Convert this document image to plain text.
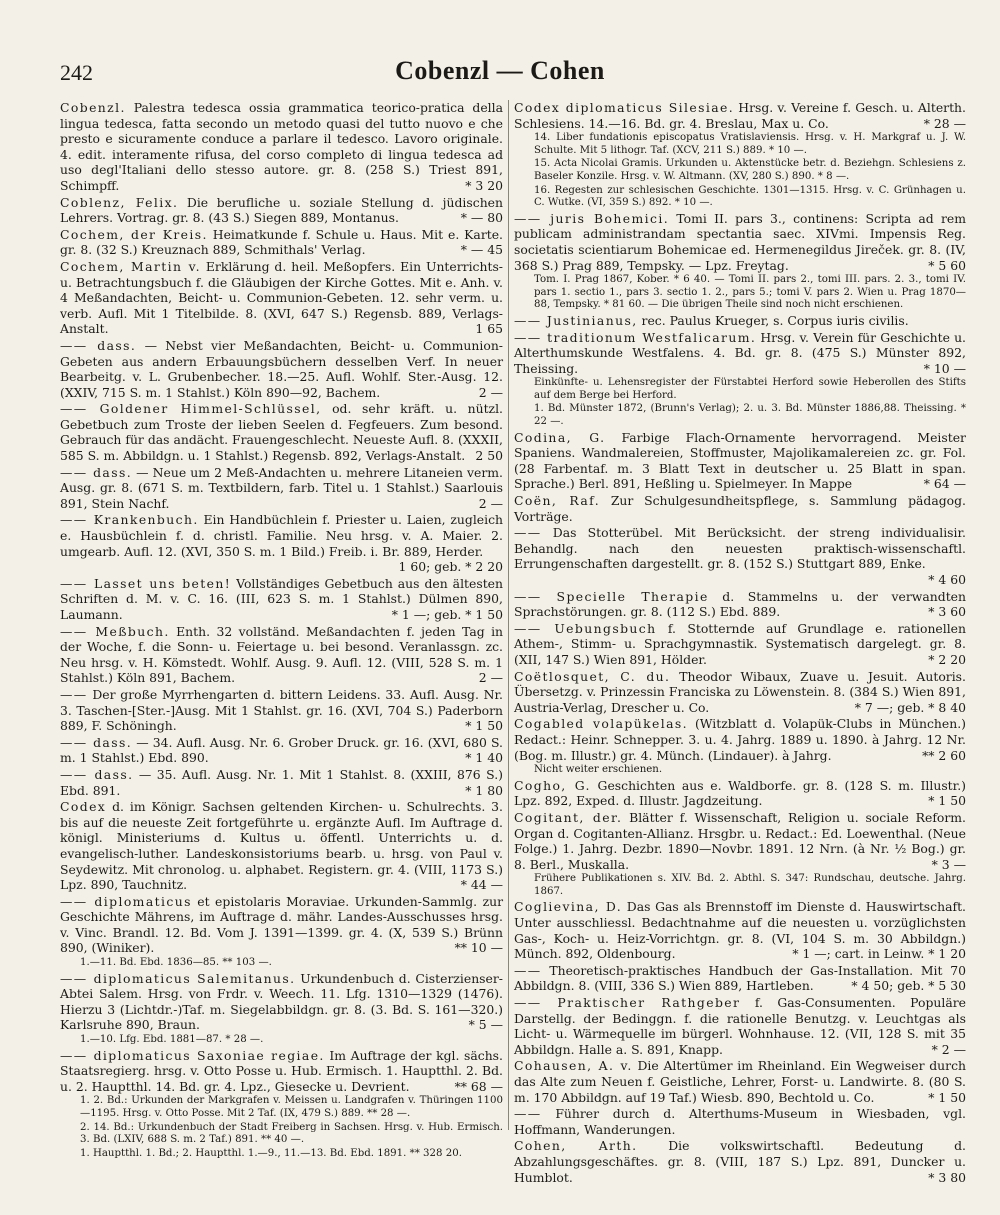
242	Cobenzl — Cohen
Cobenzl. Palestra tedesca ossia grammatica teorico-pratica della lingua tedesca, fatta secondo un metodo quasi del tutto nuovo e che presto e sicuramente conduce a parlare il tedesco. Lavoro originale. 4. edit. interamente rifusa, del corso completo di lingua tedesca ad uso degl'Italiani dello stesso autore. gr. 8. (258 S.) Triest 891, Schimpff.	* 3 20
Coblenz, Felix. Die berufliche u. soziale Stellung d. jüdischen Lehrers. Vortrag. gr. 8. (43 S.) Siegen 889, Montanus.	* — 80
Cochem, der Kreis. Heimatkunde f. Schule u. Haus. Mit e. Karte. gr. 8. (32 S.) Kreuznach 889, Schmithals' Verlag.	* — 45
Cochem, Martin v. Erklärung d. heil. Meßopfers. Ein Unterrichts- u. Betrachtungsbuch f. die Gläubigen der Kirche Gottes. Mit e. Anh. v. 4 Meßandachten, Beicht- u. Communion-Gebeten. 12. sehr verm. u. verb. Aufl. Mit 1 Titelbilde. 8. (XVI, 647 S.) Regensb. 889, Verlags-Anstalt.	1 65
—— dass. — Nebst vier Meßandachten, Beicht- u. Communion-Gebeten aus andern Erbauungsbüchern desselben Verf. In neuer Bearbeitg. v. L. Grubenbecher. 18.—25. Aufl. Wohlf. Ster.-Ausg. 12. (XXIV, 715 S. m. 1 Stahlst.) Köln 890—92, Bachem.	2 —
—— Goldener Himmel-Schlüssel, od. sehr kräft. u. nützl. Gebetbuch zum Troste der lieben Seelen d. Fegfeuers. Zum besond. Gebrauch für das andächt. Frauengeschlecht. Neueste Aufl. 8. (XXXII, 585 S. m. Abbildgn. u. 1 Stahlst.) Regensb. 892, Verlags-Anstalt. 2 50
—— dass. — Neue um 2 Meß-Andachten u. mehrere Litaneien verm. Ausg. gr. 8. (671 S. m. Textbildern, farb. Titel u. 1 Stahlst.) Saarlouis 891, Stein Nachf.	2 —
—— Krankenbuch. Ein Handbüchlein f. Priester u. Laien, zugleich e. Hausbüchlein f. d. christl. Familie. Neu hrsg. v. A. Maier. 2. umgearb. Aufl. 12. (XVI, 350 S. m. 1 Bild.) Freib. i. Br. 889, Herder.
1 60; geb. * 2 20
—— Lasset uns beten! Vollständiges Gebetbuch aus den ältesten Schriften d. M. v. C. 16. (III, 623 S. m. 1 Stahlst.) Dülmen 890, Laumann.	* 1 —; geb. * 1 50
—— Meßbuch. Enth. 32 vollständ. Meßandachten f. jeden Tag in der Woche, f. die Sonn- u. Feiertage u. bei besond. Veranlassgn. zc. Neu hrsg. v. H. Kömstedt. Wohlf. Ausg. 9. Aufl. 12. (VIII, 528 S. m. 1 Stahlst.) Köln 891, Bachem.	2 —
—— Der große Myrrhengarten d. bittern Leidens. 33. Aufl. Ausg. Nr. 3. Taschen-[Ster.-]Ausg. Mit 1 Stahlst. gr. 16. (XVI, 704 S.) Paderborn 889, F. Schöningh.	* 1 50
—— dass. — 34. Aufl. Ausg. Nr. 6. Grober Druck. gr. 16. (XVI, 680 S. m. 1 Stahlst.) Ebd. 890.	* 1 40
—— dass. — 35. Aufl. Ausg. Nr. 1. Mit 1 Stahlst. 8. (XXIII, 876 S.) Ebd. 891.	* 1 80
Codex d. im Königr. Sachsen geltenden Kirchen- u. Schulrechts. 3. bis auf die neueste Zeit fortgeführte u. ergänzte Aufl. Im Auftrage d. königl. Ministeriums d. Kultus u. öffentl. Unterrichts u. d. evangelisch-luther. Landeskonsistoriums bearb. u. hrsg. von Paul v. Seydewitz. Mit chronolog. u. alphabet. Registern. gr. 4. (VIII, 1173 S.) Lpz. 890, Tauchnitz.	* 44 —
—— diplomaticus et epistolaris Moraviae. Urkunden-Sammlg. zur Geschichte Mährens, im Auftrage d. mähr. Landes-Ausschusses hrsg. v. Vinc. Brandl. 12. Bd. Vom J. 1391—1399. gr. 4. (X, 539 S.) Brünn 890, (Winiker).	** 10 —
1.—11. Bd. Ebd. 1836—85. ** 103 —.
—— diplomaticus Salemitanus. Urkundenbuch d. Cisterzienser-Abtei Salem. Hrsg. von Frdr. v. Weech. 11. Lfg. 1310—1329 (1476). Hierzu 3 (Lichtdr.-)Taf. m. Siegelabbildgn. gr. 8. (3. Bd. S. 161—320.) Karlsruhe 890, Braun.	* 5 —
1.—10. Lfg. Ebd. 1881—87. * 28 —.
—— diplomaticus Saxoniae regiae. Im Auftrage der kgl. sächs. Staatsregierg. hrsg. v. Otto Posse u. Hub. Ermisch. 1. Hauptthl. 2. Bd. u. 2. Hauptthl. 14. Bd. gr. 4. Lpz., Giesecke u. Devrient.	** 68 —
1. 2. Bd.: Urkunden der Markgrafen v. Meissen u. Landgrafen v. Thüringen 1100—1195. Hrsg. v. Otto Posse. Mit 2 Taf. (IX, 479 S.) 889. ** 28 —.
2. 14. Bd.: Urkundenbuch der Stadt Freiberg in Sachsen. Hrsg. v. Hub. Ermisch. 3. Bd. (LXIV, 688 S. m. 2 Taf.) 891. ** 40 —.
1. Hauptthl. 1. Bd.; 2. Hauptthl. 1.—9., 11.—13. Bd. Ebd. 1891. ** 328 20.
Codex diplomaticus Silesiae. Hrsg. v. Vereine f. Gesch. u. Alterth. Schlesiens. 14.—16. Bd. gr. 4. Breslau, Max u. Co.	* 28 —
14. Liber fundationis episcopatus Vratislaviensis. Hrsg. v. H. Markgraf u. J. W. Schulte. Mit 5 lithogr. Taf. (XCV, 211 S.) 889. * 10 —.
15. Acta Nicolai Gramis. Urkunden u. Aktenstücke betr. d. Beziehgn. Schlesiens z. Baseler Konzile. Hrsg. v. W. Altmann. (XV, 280 S.) 890. * 8 —.
16. Regesten zur schlesischen Geschichte. 1301—1315. Hrsg. v. C. Grünhagen u. C. Wutke. (VI, 359 S.) 892. * 10 —.
—— juris Bohemici. Tomi II. pars 3., continens: Scripta ad rem publicam administrandam spectantia saec. XIVmi. Impensis Reg. societatis scientiarum Bohemicae ed. Hermenegildus Jireček. gr. 8. (IV, 368 S.) Prag 889, Tempsky. — Lpz. Freytag.	* 5 60
Tom. I. Prag 1867, Kober. * 6 40. — Tomi II. pars 2., tomi III. pars. 2. 3., tomi IV. pars 1. sectio 1., pars 3. sectio 1. 2., pars 5.; tomi V. pars 2. Wien u. Prag 1870—88, Tempsky. * 81 60. — Die übrigen Theile sind noch nicht erschienen.
—— Justinianus, rec. Paulus Krueger, s. Corpus iuris civilis.
—— traditionum Westfalicarum. Hrsg. v. Verein für Geschichte u. Alterthumskunde Westfalens. 4. Bd. gr. 8. (475 S.) Münster 892, Theissing.	* 10 —
Einkünfte- u. Lehensregister der Fürstabtei Herford sowie Heberollen des Stifts auf dem Berge bei Herford.
1. Bd. Münster 1872, (Brunn's Verlag); 2. u. 3. Bd. Münster 1886,88. Theissing. * 22 —.
Codina, G. Farbige Flach-Ornamente hervorragend. Meister Spaniens. Wandmalereien, Stoffmuster, Majolikamalereien zc. gr. Fol. (28 Farbentaf. m. 3 Blatt Text in deutscher u. 25 Blatt in span. Sprache.) Berl. 891, Heßling u. Spielmeyer. In Mappe	* 64 —
Coën, Raf. Zur Schulgesundheitspflege, s. Sammlung pädagog. Vorträge.
—— Das Stotterübel. Mit Berücksicht. der streng individualisir. Behandlg. nach den neuesten praktisch-wissenschaftl. Errungenschaften dargestellt. gr. 8. (152 S.) Stuttgart 889, Enke.
* 4 60
—— Specielle Therapie d. Stammelns u. der verwandten Sprachstörungen. gr. 8. (112 S.) Ebd. 889.	* 3 60
—— Uebungsbuch f. Stotternde auf Grundlage e. rationellen Athem-, Stimm- u. Sprachgymnastik. Systematisch dargelegt. gr. 8. (XII, 147 S.) Wien 891, Hölder.	* 2 20
Coëtlosquet, C. du. Theodor Wibaux, Zuave u. Jesuit. Autoris. Übersetzg. v. Prinzessin Franciska zu Löwenstein. 8. (384 S.) Wien 891, Austria-Verlag, Drescher u. Co.	* 7 —; geb. * 8 40
Cogabled volapükelas. (Witzblatt d. Volapük-Clubs in München.) Redact.: Heinr. Schnepper. 3. u. 4. Jahrg. 1889 u. 1890. à Jahrg. 12 Nr. (Bog. m. Illustr.) gr. 4. Münch. (Lindauer). à Jahrg.	** 2 60
Nicht weiter erschienen.
Cogho, G. Geschichten aus e. Waldborfe. gr. 8. (128 S. m. Illustr.) Lpz. 892, Exped. d. Illustr. Jagdzeitung.	* 1 50
Cogitant, der. Blätter f. Wissenschaft, Religion u. sociale Reform. Organ d. Cogitanten-Allianz. Hrsgbr. u. Redact.: Ed. Loewenthal. (Neue Folge.) 1. Jahrg. Dezbr. 1890—Novbr. 1891. 12 Nrn. (à Nr. ½ Bog.) gr. 8. Berl., Muskalla.	* 3 —
Frühere Publikationen s. XIV. Bd. 2. Abthl. S. 347: Rundschau, deutsche. Jahrg. 1867.
Coglievina, D. Das Gas als Brennstoff im Dienste d. Hauswirtschaft. Unter ausschliessl. Bedachtnahme auf die neuesten u. vorzüglichsten Gas-, Koch- u. Heiz-Vorrichtgn. gr. 8. (VI, 104 S. m. 30 Abbildgn.) Münch. 892, Oldenbourg.	* 1 —; cart. in Leinw. * 1 20
—— Theoretisch-praktisches Handbuch der Gas-Installation. Mit 70 Abbildgn. 8. (VIII, 336 S.) Wien 889, Hartleben.	* 4 50; geb. * 5 30
—— Praktischer Rathgeber f. Gas-Consumenten. Populäre Darstellg. der Bedinggn. f. die rationelle Benutzg. v. Leuchtgas als Licht- u. Wärmequelle im bürgerl. Wohnhause. 12. (VII, 128 S. mit 35 Abbildgn. Halle a. S. 891, Knapp.	* 2 —
Cohausen, A. v. Die Altertümer im Rheinland. Ein Wegweiser durch das Alte zum Neuen f. Geistliche, Lehrer, Forst- u. Landwirte. 8. (80 S. m. 170 Abbildgn. auf 19 Taf.) Wiesb. 890, Bechtold u. Co.	* 1 50
—— Führer durch d. Alterthums-Museum in Wiesbaden, vgl. Hoffmann, Wanderungen.
Cohen, Arth. Die volkswirtschaftl. Bedeutung d. Abzahlungsgeschäftes. gr. 8. (VIII, 187 S.) Lpz. 891, Duncker u. Humblot.	* 3 80
